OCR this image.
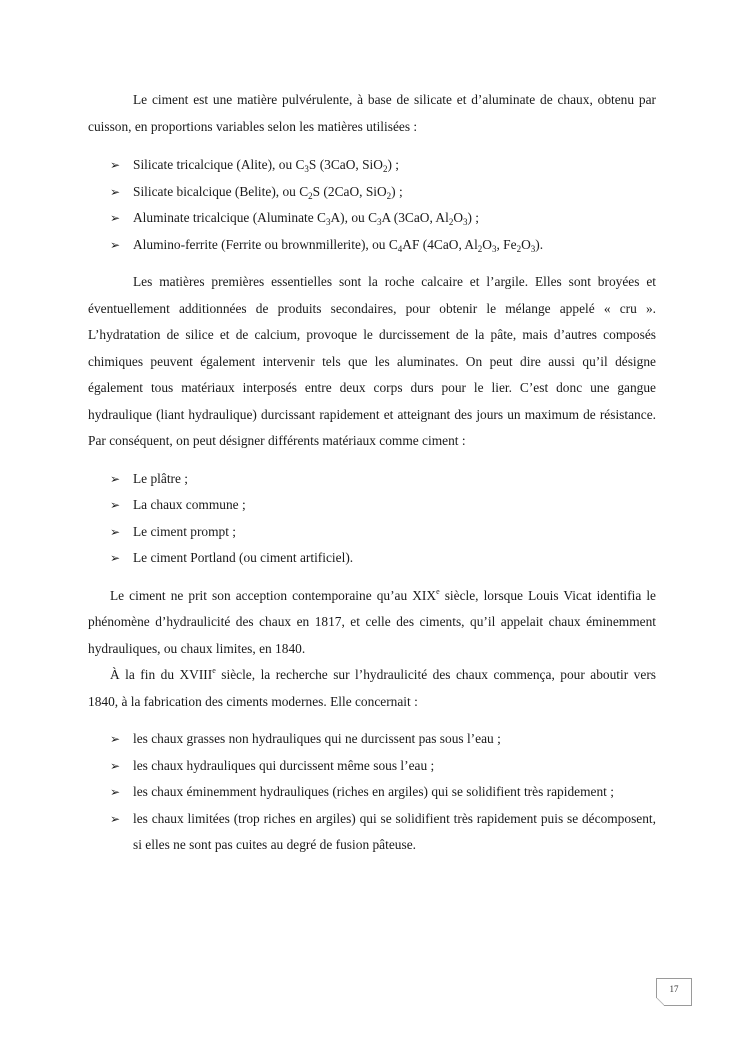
Le ciment est une matière pulvérulente, à base de silicate et d’aluminate de chaux, obtenu par cuisson, en proportions variables selon les matières utilisées :

➢ Silicate tricalcique (Alite), ou $C_3S$ (3CaO, SiO$_2$) ;
➢ Silicate bicalcique (Belite), ou $C_2S$ (2CaO, SiO$_2$) ;
➢ Aluminate tricalcique (Aluminate $C_3A$), ou $C_3A$ (3CaO, $Al_2O_3$) ;
➢ Alumino-ferrite (Ferrite ou brownmillerite), ou $C_4AF$ (4CaO, $Al_2O_3$, $Fe_2O_3$).

Les matières premières essentielles sont la roche calcaire et l’argile. Elles sont broyées et éventuellement additionnées de produits secondaires, pour obtenir le mélange appelé « cru ». L’hydratation de silice et de calcium, provoque le durcissement de la pâte, mais d’autres composés chimiques peuvent également intervenir tels que les aluminates. On peut dire aussi qu’il désigne également tous matériaux interposés entre deux corps durs pour le lier. C’est donc une gangue hydraulique (liant hydraulique) durcissant rapidement et atteignant des jours un maximum de résistance. Par conséquent, on peut désigner différents matériaux comme ciment :

➢ Le plâtre ;
➢ La chaux commune ;
➢ Le ciment prompt ;
➢ Le ciment Portland (ou ciment artificiel).

Le ciment ne prit son acception contemporaine qu’au XIXe siècle, lorsque Louis Vicat identifia le phénomène d’hydraulicité des chaux en 1817, et celle des ciments, qu’il appelait chaux éminemment hydrauliques, ou chaux limites, en 1840.

À la fin du XVIIIe siècle, la recherche sur l’hydraulicité des chaux commença, pour aboutir vers 1840, à la fabrication des ciments modernes. Elle concernait :

➢ les chaux grasses non hydrauliques qui ne durcissent pas sous l’eau ;
➢ les chaux hydrauliques qui durcissent même sous l’eau ;
➢ les chaux éminemment hydrauliques (riches en argiles) qui se solidifient très rapidement ;
➢ les chaux limitées (trop riches en argiles) qui se solidifient très rapidement puis se décomposent, si elles ne sont pas cuites au degré de fusion pâteuse.
17
